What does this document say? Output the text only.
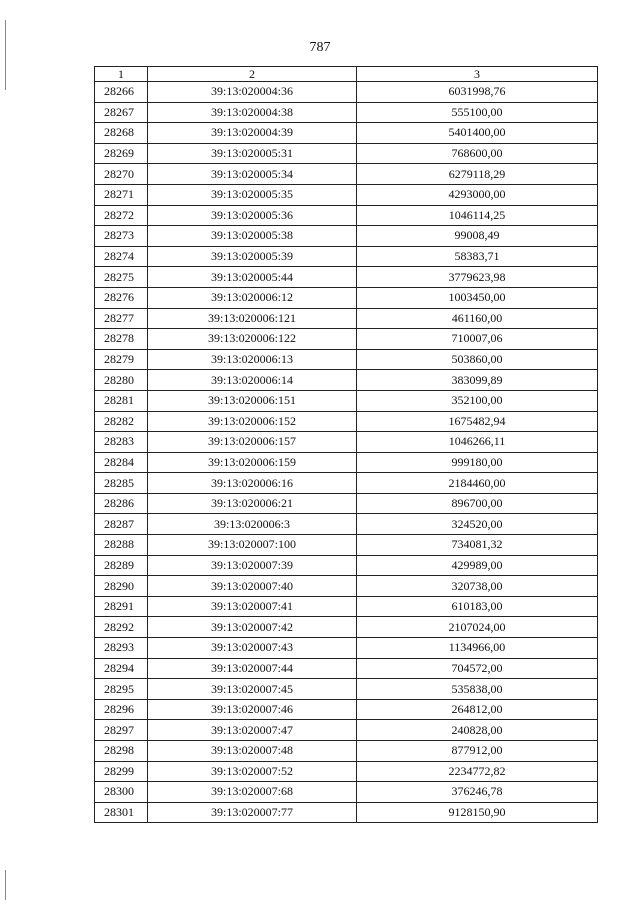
787
1	2	3
28266	39:13:020004:36	6031998,76
28267	39:13:020004:38	555100,00
28268	39:13:020004:39	5401400,00
28269	39:13:020005:31	768600,00
28270	39:13:020005:34	6279118,29
28271	39:13:020005:35	4293000,00
28272	39:13:020005:36	1046114,25
28273	39:13:020005:38	99008,49
28274	39:13:020005:39	58383,71
28275	39:13:020005:44	3779623,98
28276	39:13:020006:12	1003450,00
28277	39:13:020006:121	461160,00
28278	39:13:020006:122	710007,06
28279	39:13:020006:13	503860,00
28280	39:13:020006:14	383099,89
28281	39:13:020006:151	352100,00
28282	39:13:020006:152	1675482,94
28283	39:13:020006:157	1046266,11
28284	39:13:020006:159	999180,00
28285	39:13:020006:16	2184460,00
28286	39:13:020006:21	896700,00
28287	39:13:020006:3	324520,00
28288	39:13:020007:100	734081,32
28289	39:13:020007:39	429989,00
28290	39:13:020007:40	320738,00
28291	39:13:020007:41	610183,00
28292	39:13:020007:42	2107024,00
28293	39:13:020007:43	1134966,00
28294	39:13:020007:44	704572,00
28295	39:13:020007:45	535838,00
28296	39:13:020007:46	264812,00
28297	39:13:020007:47	240828,00
28298	39:13:020007:48	877912,00
28299	39:13:020007:52	2234772,82
28300	39:13:020007:68	376246,78
28301	39:13:020007:77	9128150,90
